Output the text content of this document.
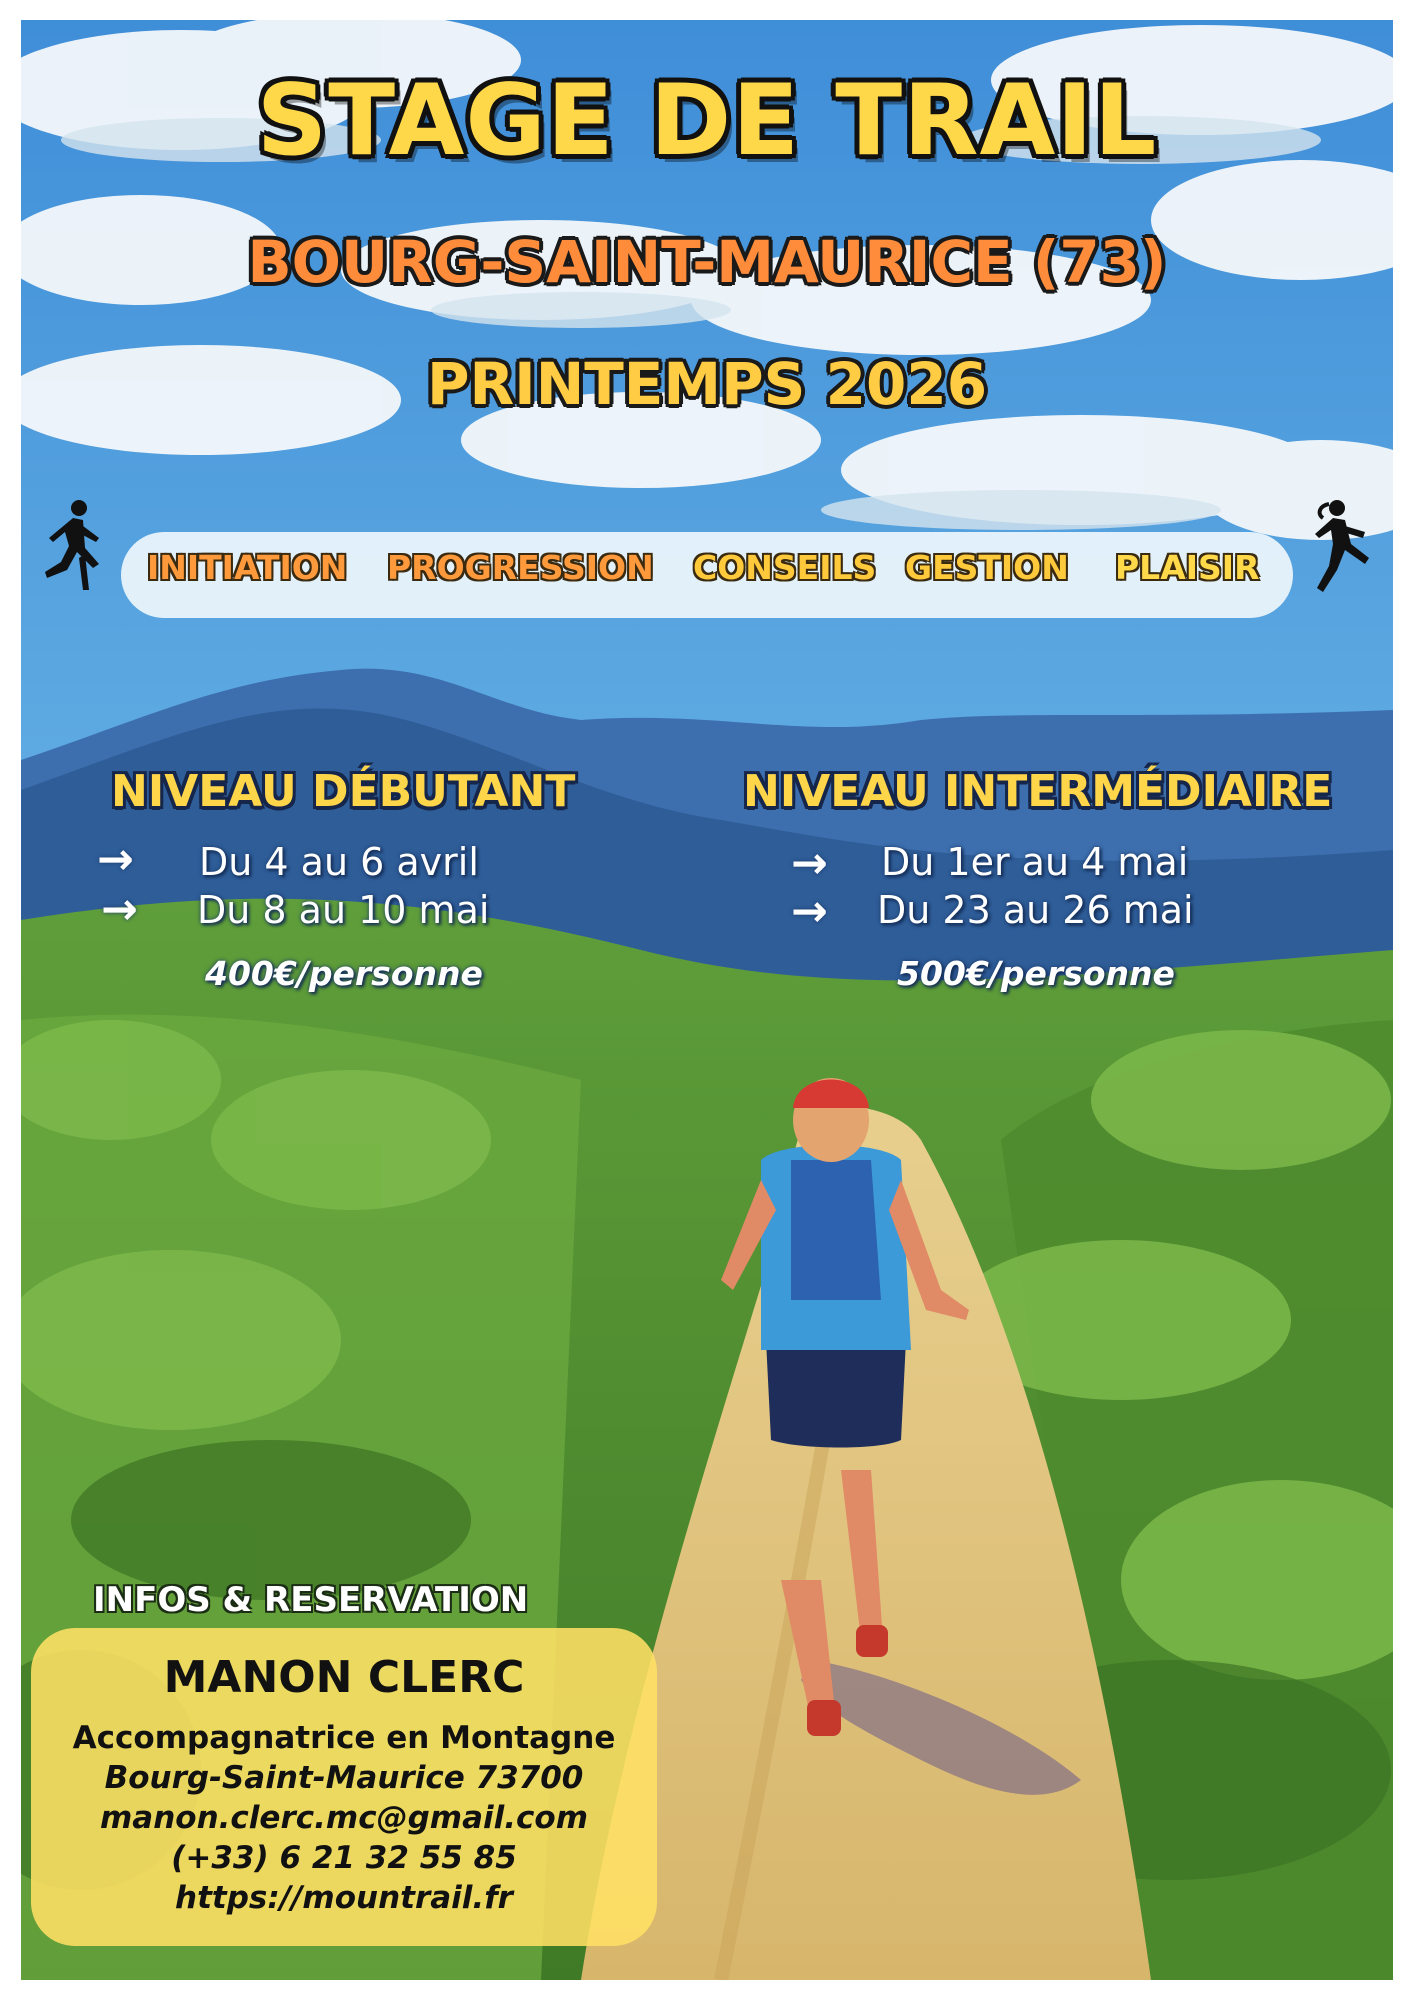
STAGE DE TRAIL
BOURG-SAINT-MAURICE (73)
PRINTEMPS 2026
INITIATION PROGRESSION CONSEILS GESTION PLAISIR
NIVEAU DÉBUTANT
→ Du 4 au 6 avril
→ Du 8 au 10 mai
400€/personne
NIVEAU INTERMÉDIAIRE
→ Du 1er au 4 mai
→ Du 23 au 26 mai
500€/personne
INFOS & RESERVATION
MANON CLERC
Accompagnatrice en Montagne
Bourg-Saint-Maurice 73700
manon.clerc.mc@gmail.com
(+33) 6 21 32 55 85
https://mountrail.fr
